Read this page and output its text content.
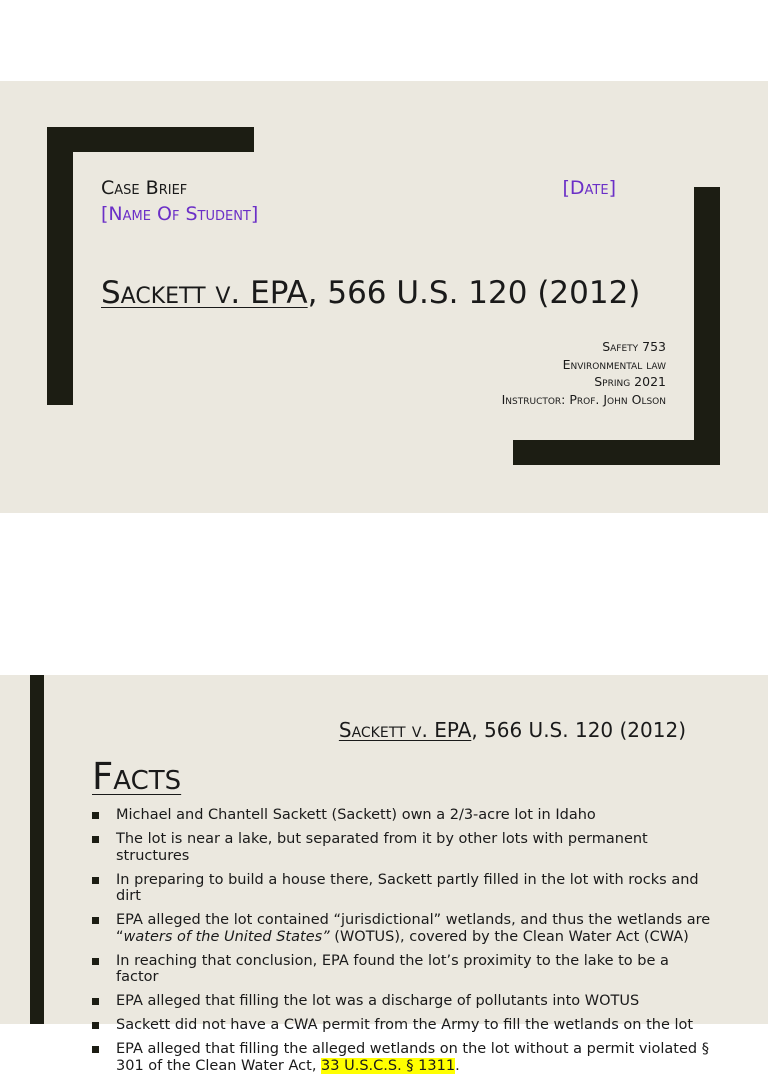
Case Brief
[Name Of Student]
[Date]
Sackett v. EPA, 566 U.S. 120 (2012)
Safety 753
Environmental law
Spring 2021
Instructor: Prof. John Olson
Sackett v. EPA, 566 U.S. 120 (2012)
Facts
Michael and Chantell Sackett (Sackett) own a 2/3-acre lot in Idaho
The lot is near a lake, but separated from it by other lots with permanent structures
In preparing to build a house there, Sackett partly filled in the lot with rocks and dirt
EPA alleged the lot contained “jurisdictional” wetlands, and thus the wetlands are “waters of the United States” (WOTUS), covered by the Clean Water Act (CWA)
In reaching that conclusion, EPA found the lot’s proximity to the lake to be a factor
EPA alleged that filling the lot was a discharge of pollutants into WOTUS
Sackett did not have a CWA permit from the Army to fill the wetlands on the lot
EPA alleged that filling the alleged wetlands on the lot without a permit violated § 301 of the Clean Water Act, 33 U.S.C.S. § 1311.
